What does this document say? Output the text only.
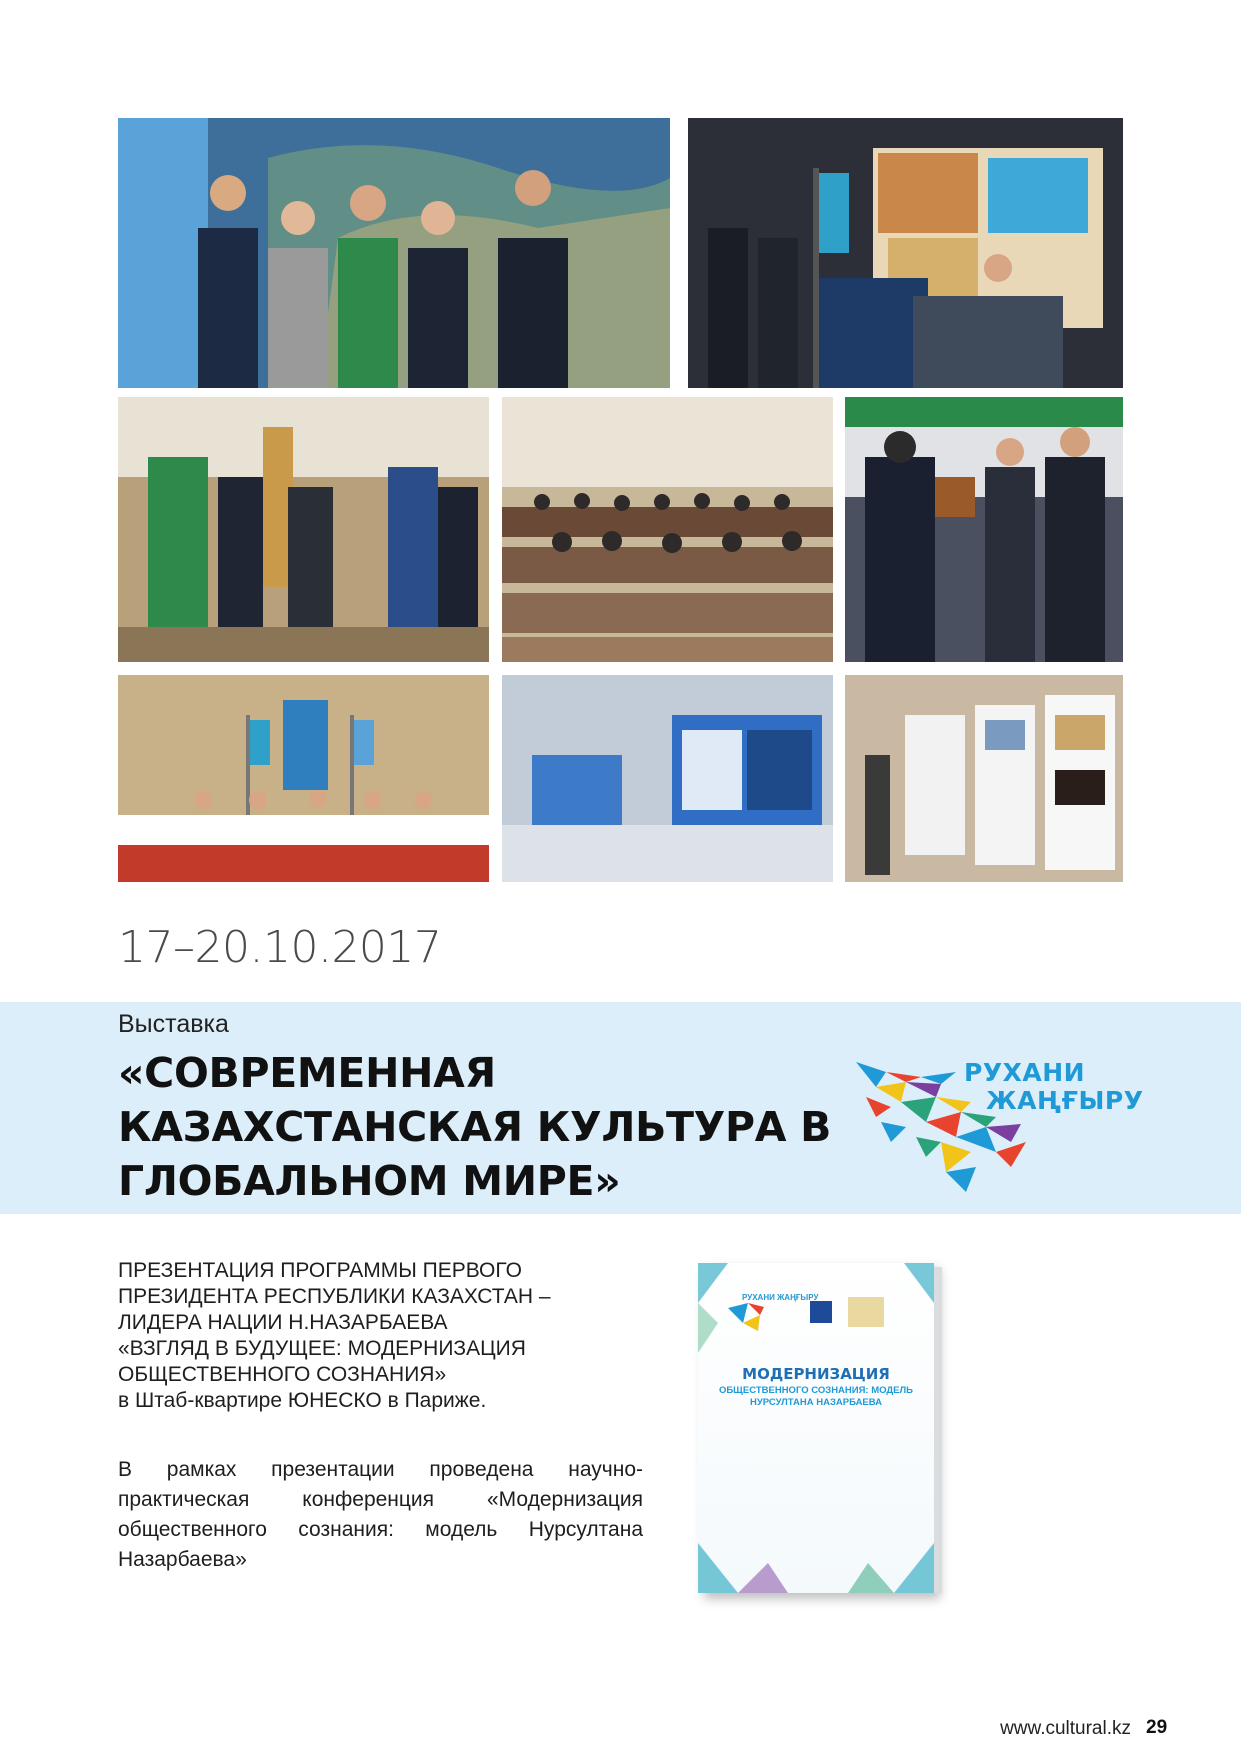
17–20.10.2017

Выставка

«СОВРЕМЕННАЯ КАЗАХСТАНСКАЯ КУЛЬТУРА В ГЛОБАЛЬНОМ МИРЕ»
РУХАНИ
ЖАҢҒЫРУ

ПРЕЗЕНТАЦИЯ ПРОГРАММЫ ПЕРВОГО
ПРЕЗИДЕНТА РЕСПУБЛИКИ КАЗАХСТАН –
ЛИДЕРА НАЦИИ Н.НАЗАРБАЕВА
«ВЗГЛЯД В БУДУЩЕЕ: МОДЕРНИЗАЦИЯ
ОБЩЕСТВЕННОГО СОЗНАНИЯ»
в Штаб-квартире ЮНЕСКО в Париже.

В рамках презентации проведена научно-практическая конференция «Модернизация общественного сознания: модель Нурсултана Назарбаева»

РУХАНИ ЖАҢҒЫРУ
МОДЕРНИЗАЦИЯ
ОБЩЕСТВЕННОГО СОЗНАНИЯ: МОДЕЛЬ НУРСУЛТАНА НАЗАРБАЕВА
www.cultural.kz 29
